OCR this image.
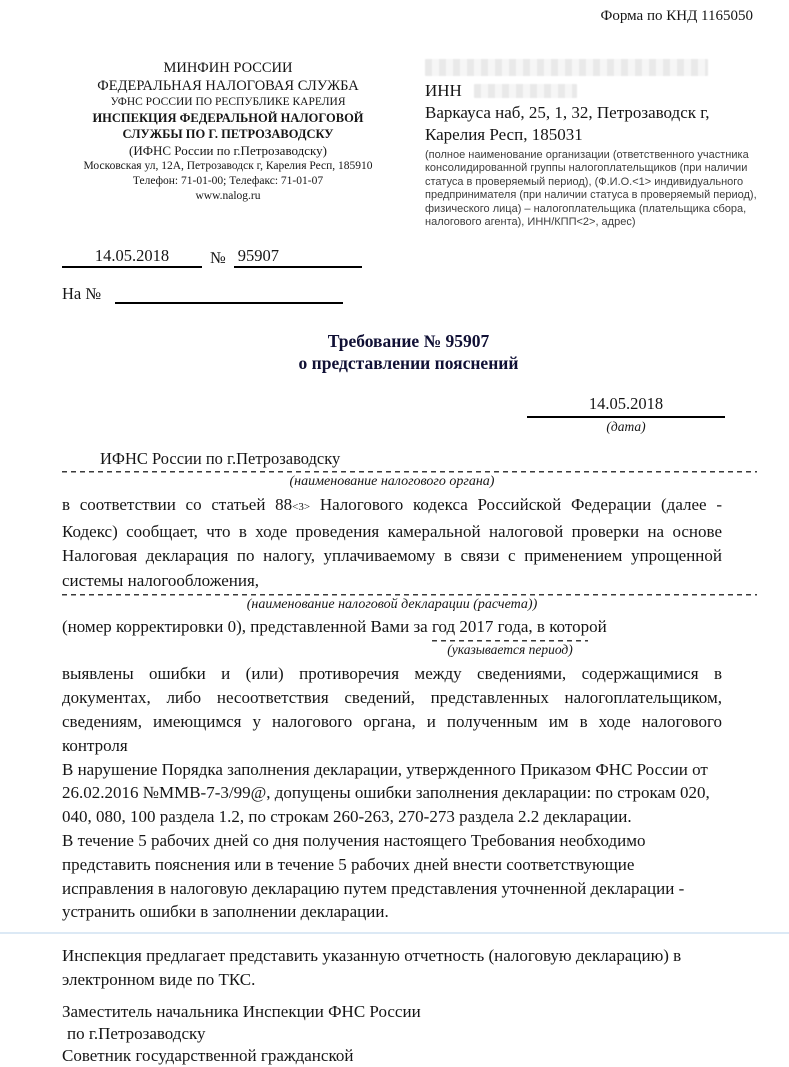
Форма по КНД 1165050
МИНФИН РОССИИ
ФЕДЕРАЛЬНАЯ НАЛОГОВАЯ СЛУЖБА
УФНС РОССИИ ПО РЕСПУБЛИКЕ КАРЕЛИЯ
ИНСПЕКЦИЯ ФЕДЕРАЛЬНОЙ НАЛОГОВОЙ
СЛУЖБЫ ПО Г. ПЕТРОЗАВОДСКУ
(ИФНС России по г.Петрозаводску)
Московская ул, 12А, Петрозаводск г, Карелия Респ, 185910
Телефон: 71-01-00; Телефакс: 71-01-07
www.nalog.ru
ИНН
Варкауса наб, 25, 1, 32, Петрозаводск г,
Карелия Респ, 185031
(полное наименование организации (ответственного участника консолидированной группы налогоплательщиков (при наличии статуса в проверяемый период), (Ф.И.О.<1> индивидуального предпринимателя (при наличии статуса в проверяемый период), физического лица) – налогоплательщика (плательщика сбора, налогового агента), ИНН/КПП<2>, адрес)
14.05.2018	№ 95907
На №
Требование № 95907
о представлении пояснений
14.05.2018
(дата)
ИФНС России по г.Петрозаводску
(наименование налогового органа)

в соответствии со статьей 88<3> Налогового кодекса Российской Федерации (далее - Кодекс) сообщает, что в ходе проведения камеральной налоговой проверки на основе Налоговая декларация по налогу, уплачиваемому в связи с применением упрощенной системы налогообложения,

(наименование налоговой декларации (расчета))

(номер корректировки 0), представленной Вами за год 2017 года, в которой

(указывается период)

выявлены ошибки и (или) противоречия между сведениями, содержащимися в документах, либо несоответствия сведений, представленных налогоплательщиком, сведениям, имеющимся у налогового органа, и полученным им в ходе налогового контроля

В нарушение Порядка заполнения декларации, утвержденного Приказом ФНС России от 26.02.2016 №ММВ-7-3/99@, допущены ошибки заполнения декларации: по строкам 020, 040, 080, 100 раздела 1.2, по строкам 260-263, 270-273 раздела 2.2 декларации.

В течение 5 рабочих дней со дня получения настоящего Требования необходимо представить пояснения или в течение 5 рабочих дней внести соответствующие исправления в налоговую декларацию путем представления уточненной декларации - устранить ошибки в заполнении декларации.

Инспекция предлагает представить указанную отчетность (налоговую декларацию) в электронном виде по ТКС.

Заместитель начальника Инспекции ФНС России
по г.Петрозаводску
Советник государственной гражданской
